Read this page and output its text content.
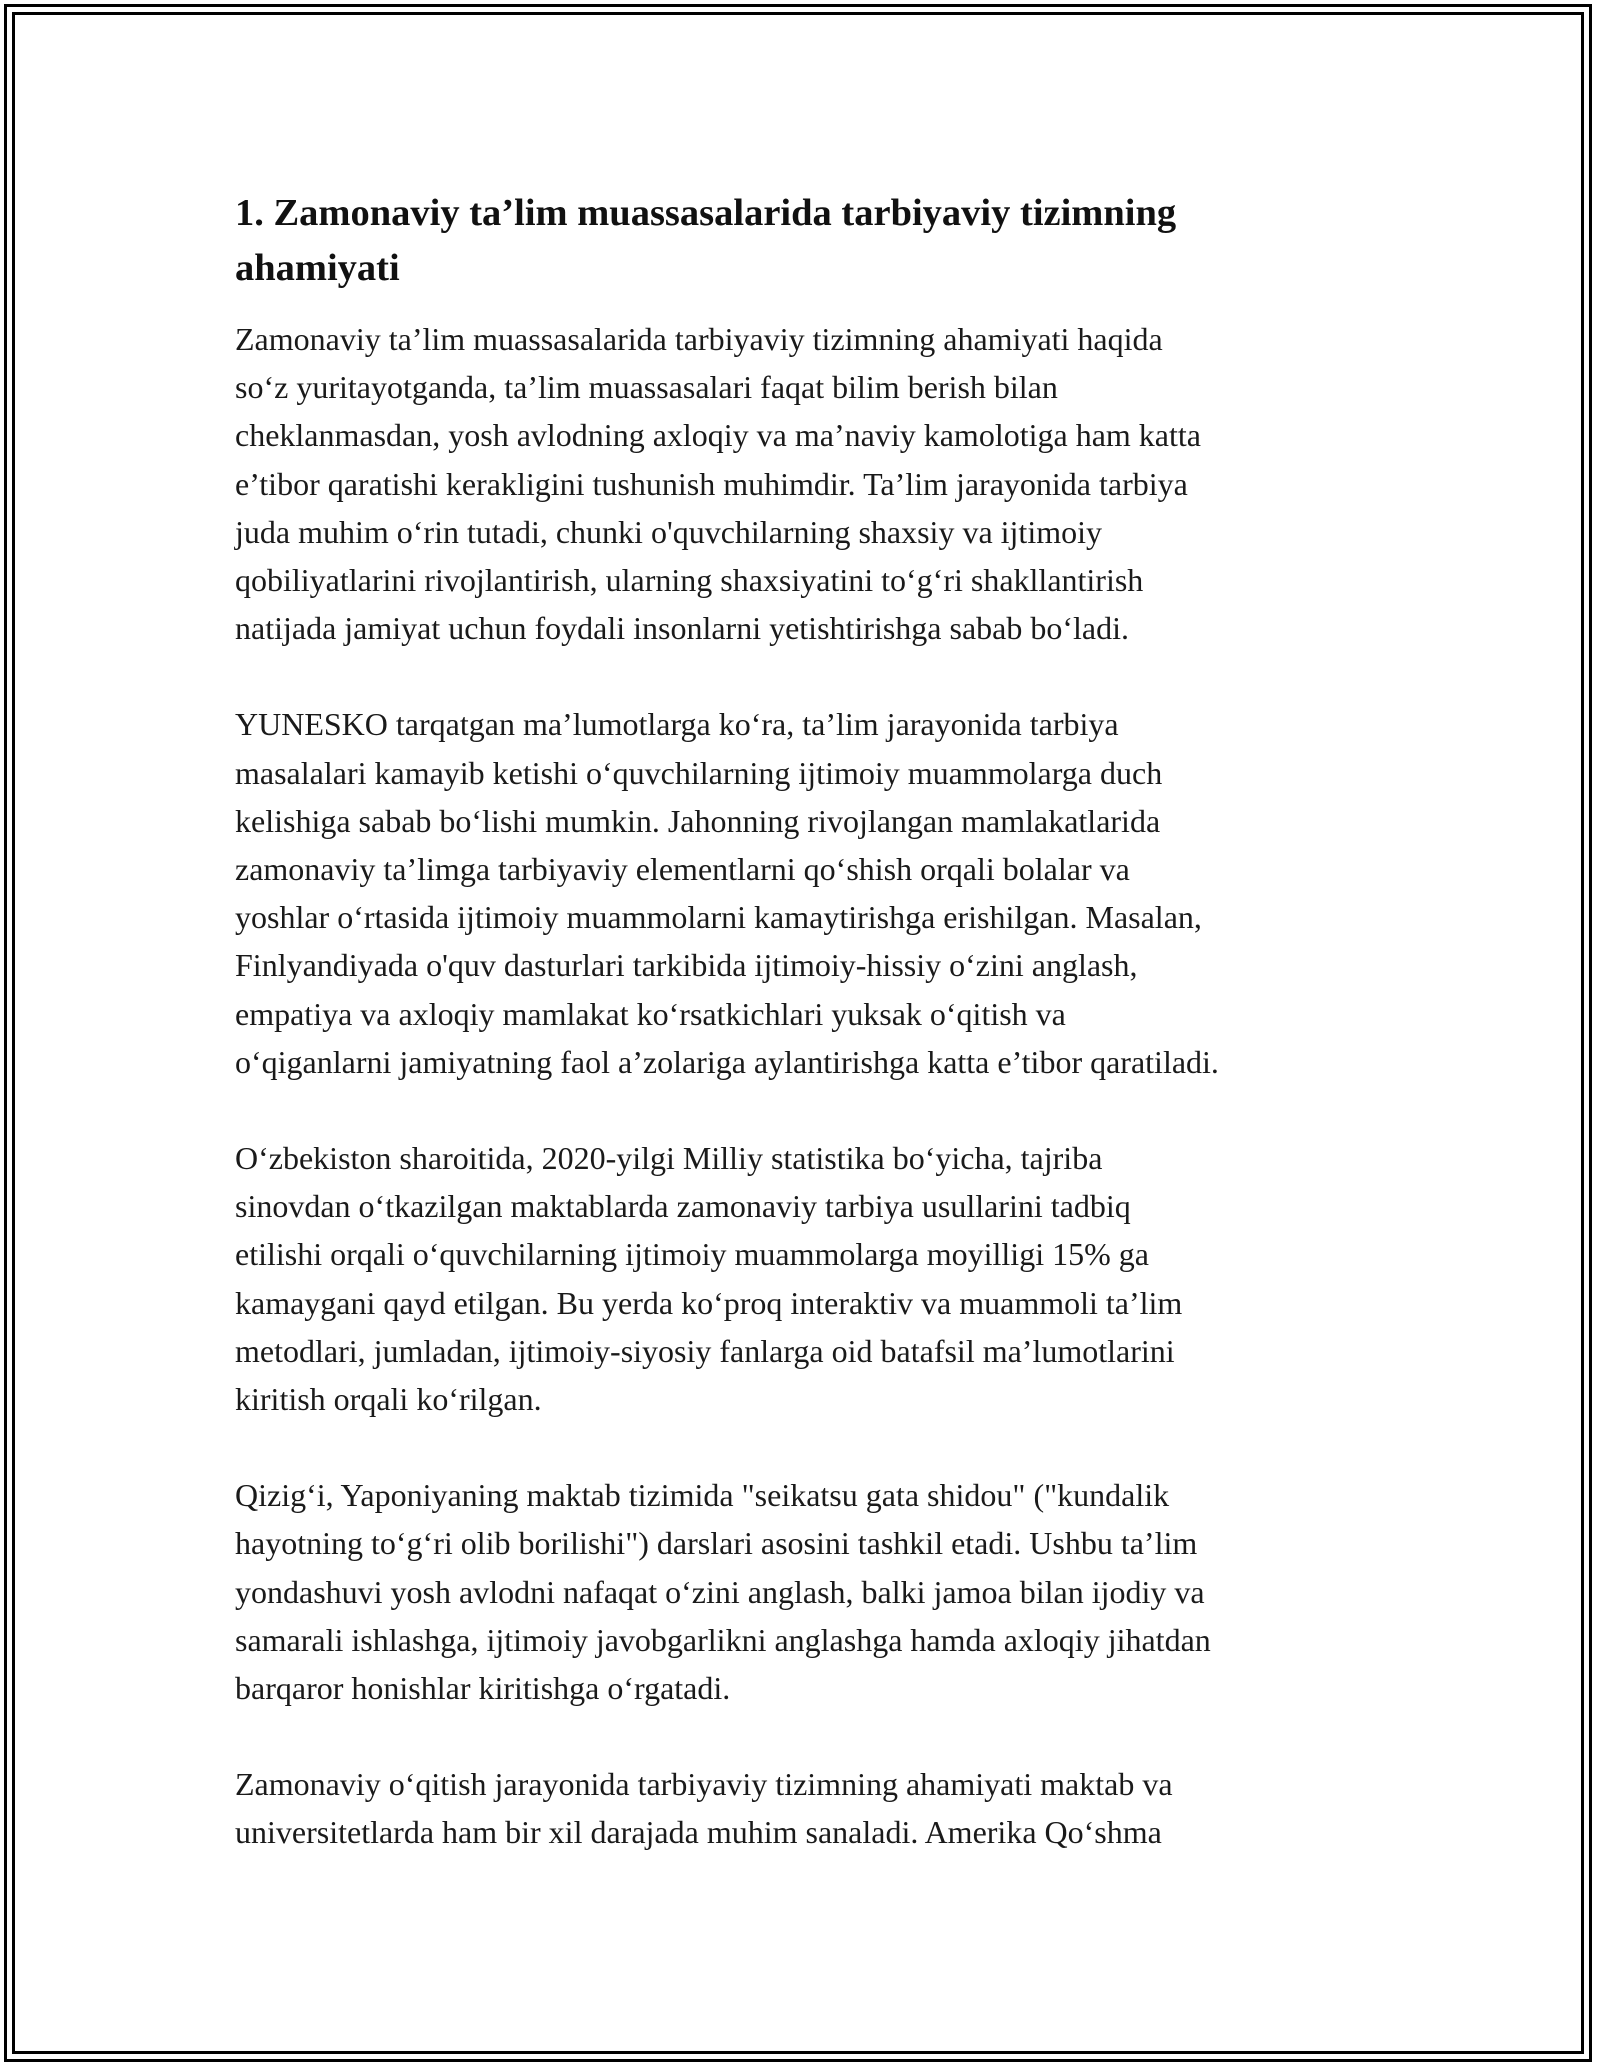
1. Zamonaviy ta’lim muassasalarida tarbiyaviy tizimning
ahamiyati

Zamonaviy ta’lim muassasalarida tarbiyaviy tizimning ahamiyati haqida
so‘z yuritayotganda, ta’lim muassasalari faqat bilim berish bilan
cheklanmasdan, yosh avlodning axloqiy va ma’naviy kamolotiga ham katta
e’tibor qaratishi kerakligini tushunish muhimdir. Ta’lim jarayonida tarbiya
juda muhim o‘rin tutadi, chunki o'quvchilarning shaxsiy va ijtimoiy
qobiliyatlarini rivojlantirish, ularning shaxsiyatini to‘g‘ri shakllantirish
natijada jamiyat uchun foydali insonlarni yetishtirishga sabab bo‘ladi.

YUNESKO tarqatgan ma’lumotlarga ko‘ra, ta’lim jarayonida tarbiya
masalalari kamayib ketishi o‘quvchilarning ijtimoiy muammolarga duch
kelishiga sabab bo‘lishi mumkin. Jahonning rivojlangan mamlakatlarida
zamonaviy ta’limga tarbiyaviy elementlarni qo‘shish orqali bolalar va
yoshlar o‘rtasida ijtimoiy muammolarni kamaytirishga erishilgan. Masalan,
Finlyandiyada o'quv dasturlari tarkibida ijtimoiy-hissiy o‘zini anglash,
empatiya va axloqiy mamlakat ko‘rsatkichlari yuksak o‘qitish va
o‘qiganlarni jamiyatning faol a’zolariga aylantirishga katta e’tibor qaratiladi.

O‘zbekiston sharoitida, 2020-yilgi Milliy statistika bo‘yicha, tajriba
sinovdan o‘tkazilgan maktablarda zamonaviy tarbiya usullarini tadbiq
etilishi orqali o‘quvchilarning ijtimoiy muammolarga moyilligi 15% ga
kamaygani qayd etilgan. Bu yerda ko‘proq interaktiv va muammoli ta’lim
metodlari, jumladan, ijtimoiy-siyosiy fanlarga oid batafsil ma’lumotlarini
kiritish orqali ko‘rilgan.

Qizig‘i, Yaponiyaning maktab tizimida "seikatsu gata shidou" ("kundalik
hayotning to‘g‘ri olib borilishi") darslari asosini tashkil etadi. Ushbu ta’lim
yondashuvi yosh avlodni nafaqat o‘zini anglash, balki jamoa bilan ijodiy va
samarali ishlashga, ijtimoiy javobgarlikni anglashga hamda axloqiy jihatdan
barqaror honishlar kiritishga o‘rgatadi.

Zamonaviy o‘qitish jarayonida tarbiyaviy tizimning ahamiyati maktab va
universitetlarda ham bir xil darajada muhim sanaladi. Amerika Qo‘shma
